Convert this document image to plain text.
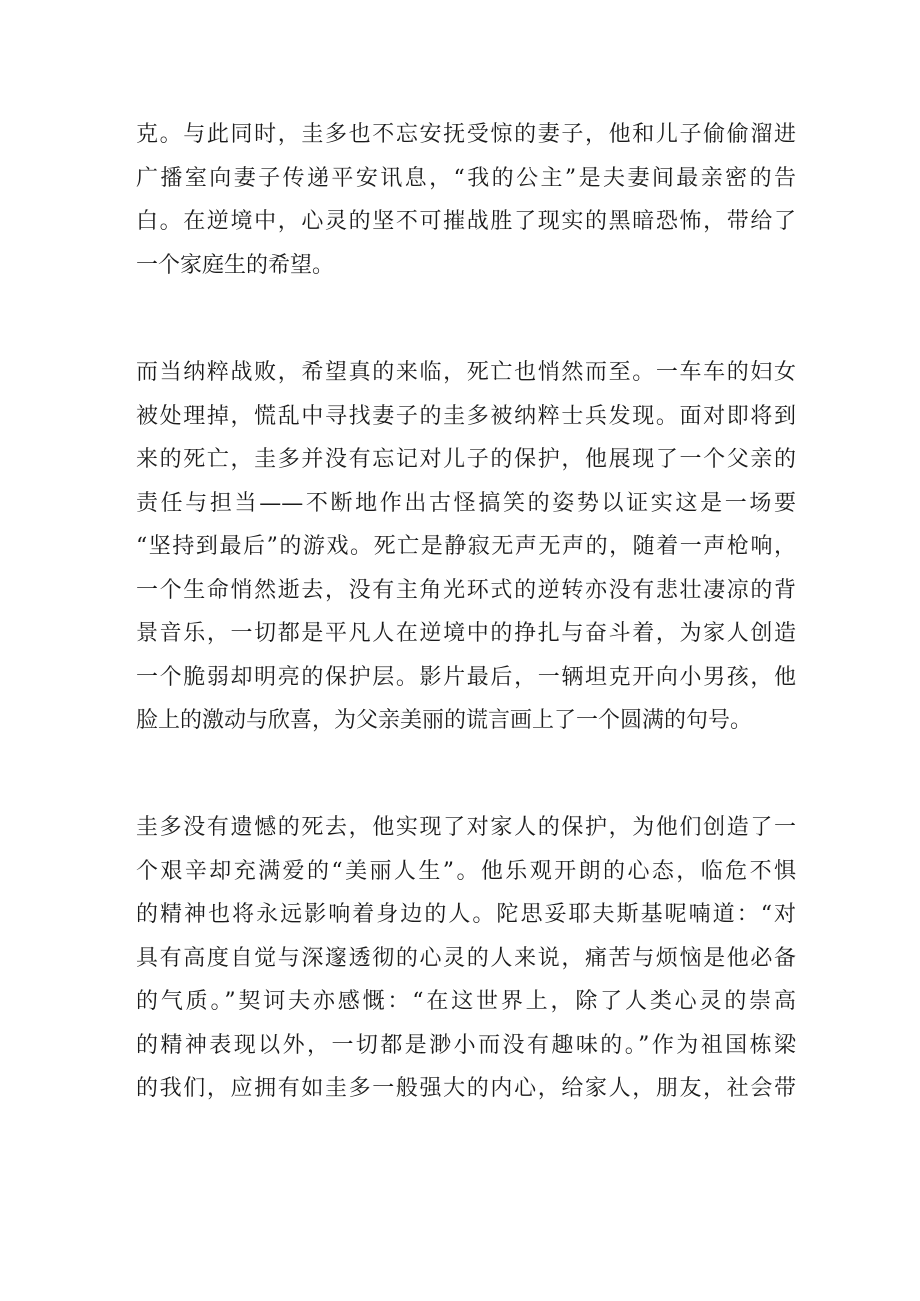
克。与此同时，圭多也不忘安抚受惊的妻子，他和儿子偷偷溜进
广播室向妻子传递平安讯息，“我的公主”是夫妻间最亲密的告
白。在逆境中，心灵的坚不可摧战胜了现实的黑暗恐怖，带给了
一个家庭生的希望。
而当纳粹战败，希望真的来临，死亡也悄然而至。一车车的妇女
被处理掉，慌乱中寻找妻子的圭多被纳粹士兵发现。面对即将到
来的死亡，圭多并没有忘记对儿子的保护，他展现了一个父亲的
责任与担当——不断地作出古怪搞笑的姿势以证实这是一场要
“坚持到最后”的游戏。死亡是静寂无声无声的，随着一声枪响，
一个生命悄然逝去，没有主角光环式的逆转亦没有悲壮凄凉的背
景音乐，一切都是平凡人在逆境中的挣扎与奋斗着，为家人创造
一个脆弱却明亮的保护层。影片最后，一辆坦克开向小男孩，他
脸上的激动与欣喜，为父亲美丽的谎言画上了一个圆满的句号。
圭多没有遗憾的死去，他实现了对家人的保护，为他们创造了一
个艰辛却充满爱的“美丽人生”。他乐观开朗的心态，临危不惧
的精神也将永远影响着身边的人。陀思妥耶夫斯基呢喃道：“对
具有高度自觉与深邃透彻的心灵的人来说，痛苦与烦恼是他必备
的气质。”契诃夫亦感慨：“在这世界上，除了人类心灵的崇高
的精神表现以外，一切都是渺小而没有趣味的。”作为祖国栋梁
的我们，应拥有如圭多一般强大的内心，给家人，朋友，社会带
